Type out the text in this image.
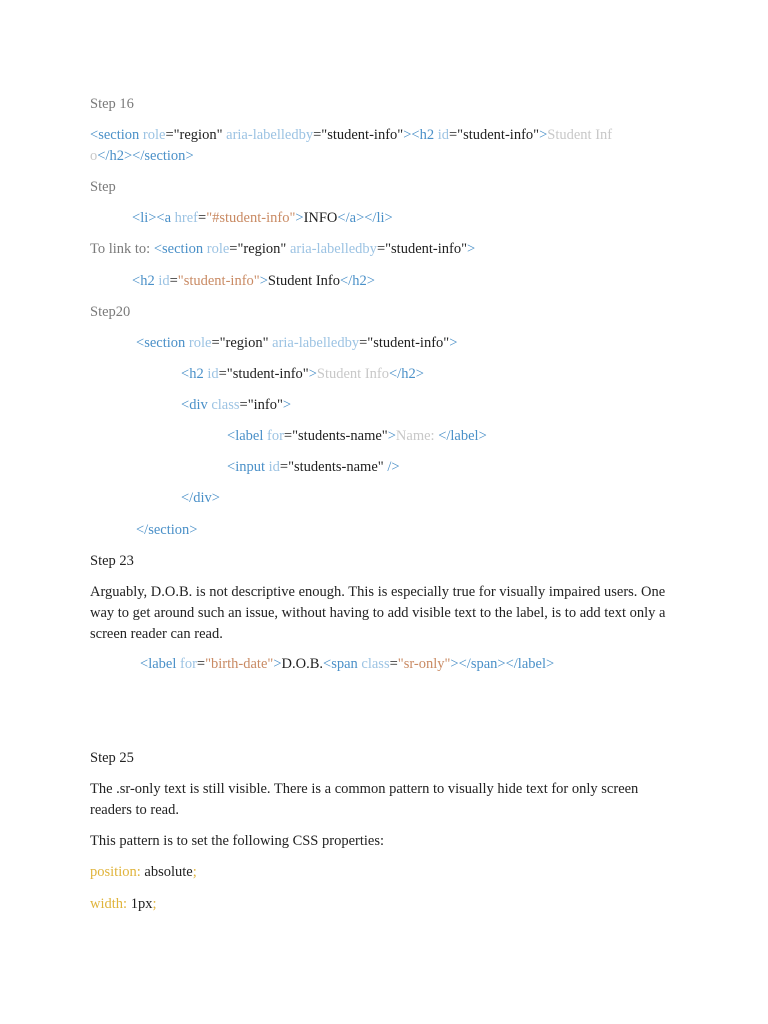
Step 16
<section role="region" aria-labelledby="student-info"><h2 id="student-info">Student Inf
o</h2></section>
Step
<li><a href="#student-info">INFO</a></li>
To link to: <section role="region" aria-labelledby="student-info">
<h2 id="student-info">Student Info</h2>
Step20
<section role="region" aria-labelledby="student-info">
<h2 id="student-info">Student Info</h2>
<div class="info">
<label for="students-name">Name: </label>
<input id="students-name" />
</div>
</section>
Step 23
Arguably, D.O.B. is not descriptive enough. This is especially true for visually impaired users. One way to get around such an issue, without having to add visible text to the label, is to add text only a screen reader can read.
<label for="birth-date">D.O.B.<span class="sr-only"></span></label>
Step 25
The .sr-only text is still visible. There is a common pattern to visually hide text for only screen readers to read.
This pattern is to set the following CSS properties:
position: absolute;
width: 1px;
